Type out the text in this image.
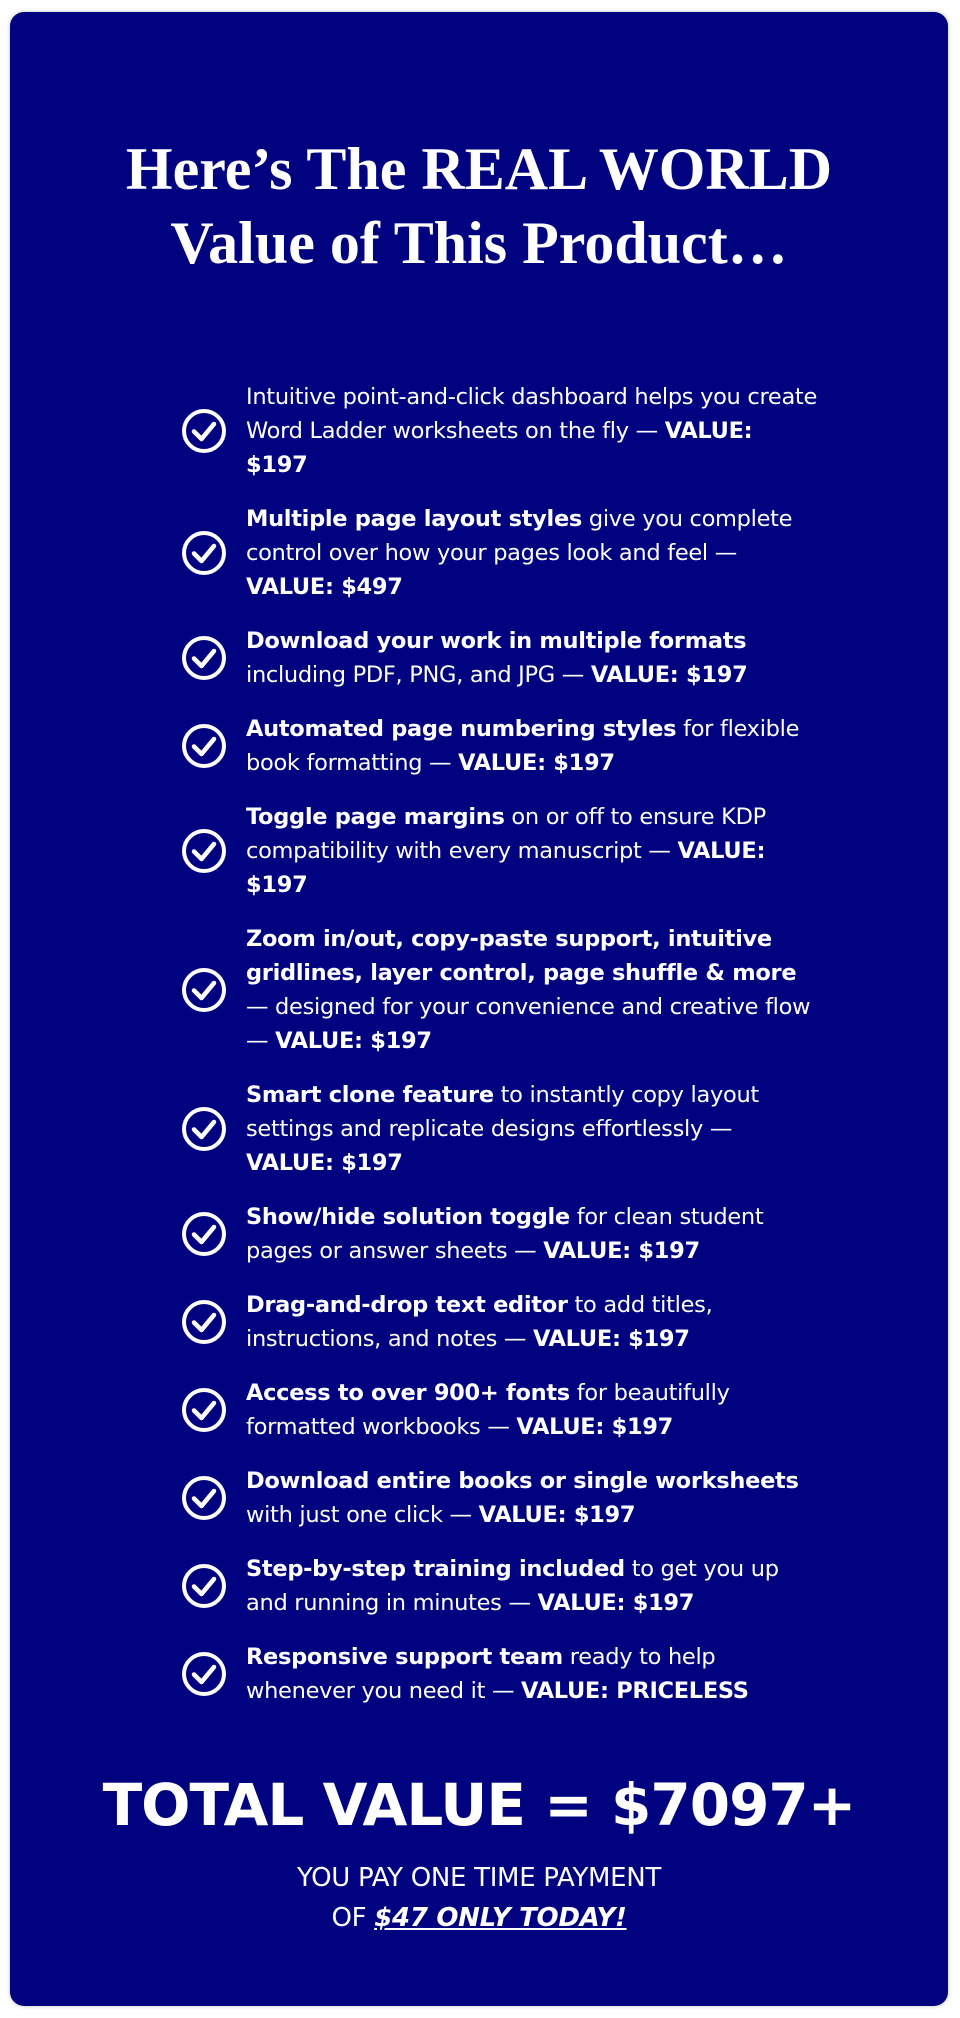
Here’s The REAL WORLD
Value of This Product…
Intuitive point-and-click dashboard helps you create Word Ladder worksheets on the fly — VALUE: $197
Multiple page layout styles give you complete control over how your pages look and feel — VALUE: $497
Download your work in multiple formats including PDF, PNG, and JPG — VALUE: $197
Automated page numbering styles for flexible book formatting — VALUE: $197
Toggle page margins on or off to ensure KDP compatibility with every manuscript — VALUE: $197
Zoom in/out, copy-paste support, intuitive gridlines, layer control, page shuffle & more — designed for your convenience and creative flow — VALUE: $197
Smart clone feature to instantly copy layout settings and replicate designs effortlessly — VALUE: $197
Show/hide solution toggle for clean student pages or answer sheets — VALUE: $197
Drag-and-drop text editor to add titles, instructions, and notes — VALUE: $197
Access to over 900+ fonts for beautifully formatted workbooks — VALUE: $197
Download entire books or single worksheets with just one click — VALUE: $197
Step-by-step training included to get you up and running in minutes — VALUE: $197
Responsive support team ready to help whenever you need it — VALUE: PRICELESS
TOTAL VALUE = $7097+
YOU PAY ONE TIME PAYMENT
OF $47 ONLY TODAY!
